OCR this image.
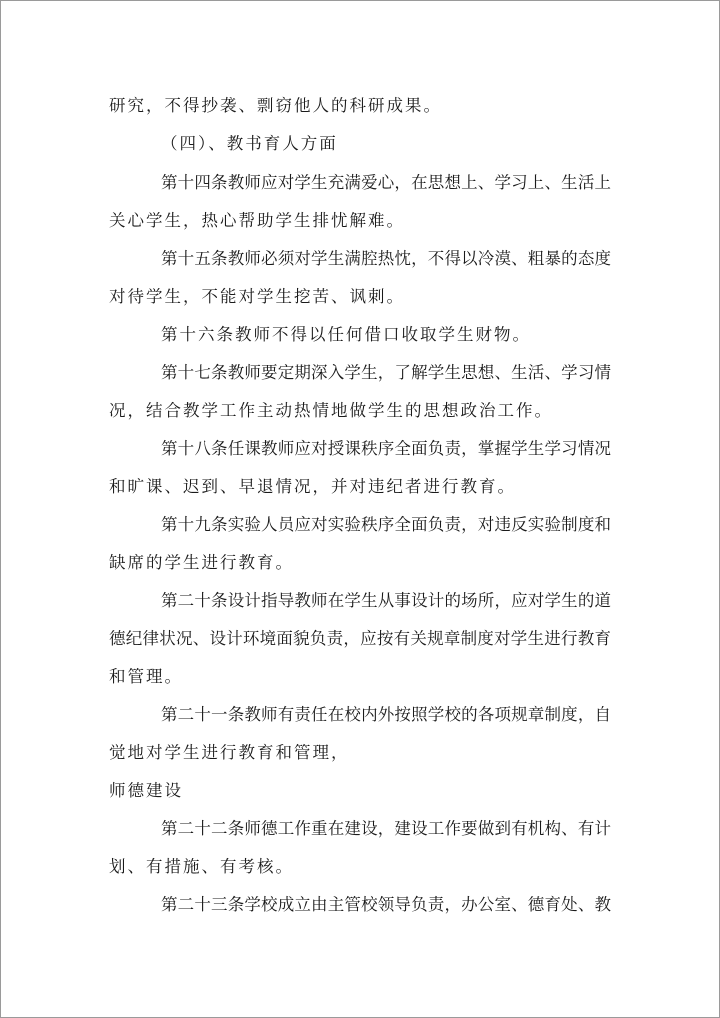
研究，不得抄袭、剽窃他人的科研成果。
（四）、教书育人方面
第十四条教师应对学生充满爱心，在思想上、学习上、生活上
关心学生，热心帮助学生排忧解难。
第十五条教师必须对学生满腔热忱，不得以冷漠、粗暴的态度
对待学生，不能对学生挖苦、讽刺。
第十六条教师不得以任何借口收取学生财物。
第十七条教师要定期深入学生，了解学生思想、生活、学习情
况，结合教学工作主动热情地做学生的思想政治工作。
第十八条任课教师应对授课秩序全面负责，掌握学生学习情况
和旷课、迟到、早退情况，并对违纪者进行教育。
第十九条实验人员应对实验秩序全面负责，对违反实验制度和
缺席的学生进行教育。
第二十条设计指导教师在学生从事设计的场所，应对学生的道
德纪律状况、设计环境面貌负责，应按有关规章制度对学生进行教育
和管理。
第二十一条教师有责任在校内外按照学校的各项规章制度，自
觉地对学生进行教育和管理，
师德建设
第二十二条师德工作重在建设，建设工作要做到有机构、有计
划、有措施、有考核。
第二十三条学校成立由主管校领导负责，办公室、德育处、教
